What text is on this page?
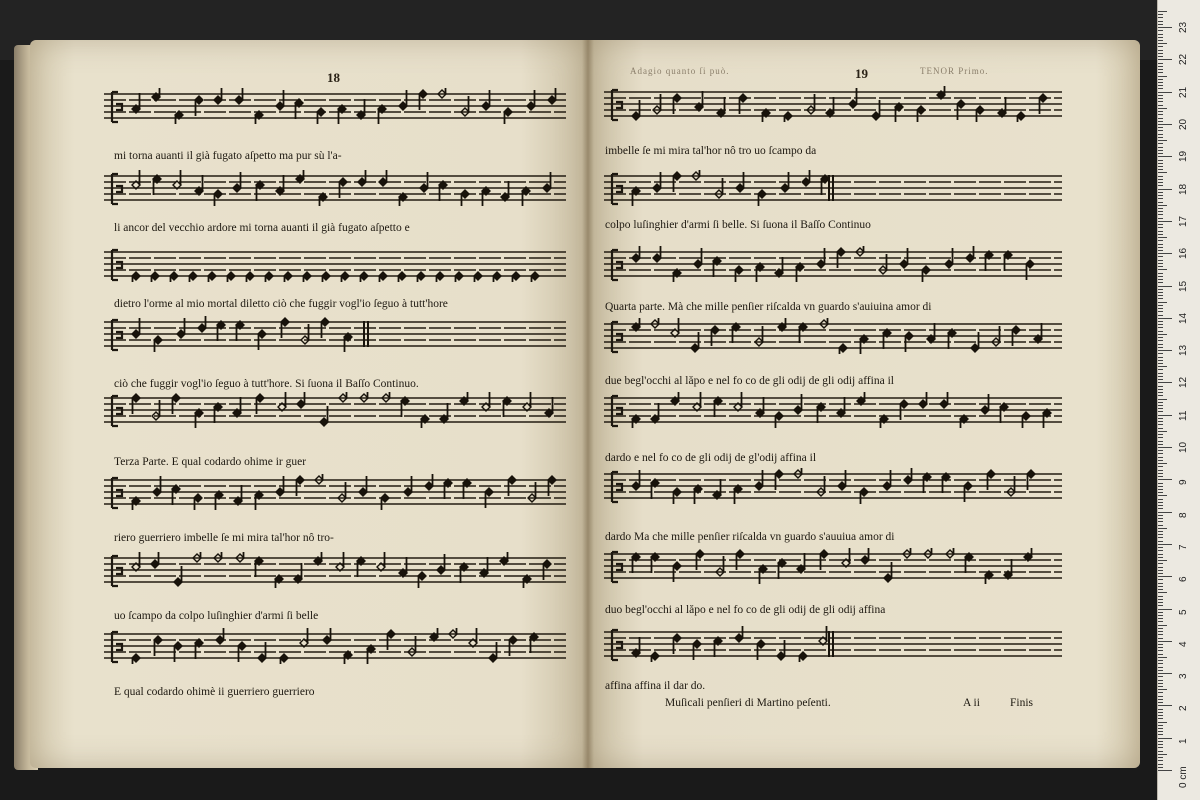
18	19
Adagio quanto ſi può.	TENOR Primo.
mi torna auanti il già fugato aſpetto ma pur sù l'a-
li ancor del vecchio ardore mi torna auanti il già fugato aſpetto e
dietro l'orme al mio mortal diletto ciò che fuggir vogl'io ſeguo à tutt'hore
ciò che fuggir vogl'io ſeguo à tutt'hore. Si ſuona il Baſſo Continuo.
Terza Parte. E qual codardo ohime ir guer
riero guerriero imbelle ſe mi mira tal'hor nô tro-
uo ſcampo da colpo luſinghier d'armi ſi belle
E qual codardo ohimè ii guerriero guerriero
imbelle ſe mi mira tal'hor nô tro uo ſcampo da
colpo luſinghier d'armi ſi belle. Si ſuona il Baſſo Continuo
Quarta parte. Mà che mille penſier riſcalda vn guardo s'auiuina amor di
due begl'occhi al lăpo e nel fo co de gli odij de gli odij affina il
dardo e nel fo co de gli odij de gl'odij affina il
dardo Ma che mille penſier riſcalda vn guardo s'auuiua amor di
duo begl'occhi al lăpo e nel fo co de gli odij de gli odij affina
affina affina il dar do.
Muſicali penſieri di Martino peſenti.	A ii	Finis
0 cm
1
2
3
4
5
6
7
8
9
10
11
12
13
14
15
16
17
18
19
20
21
22
23
